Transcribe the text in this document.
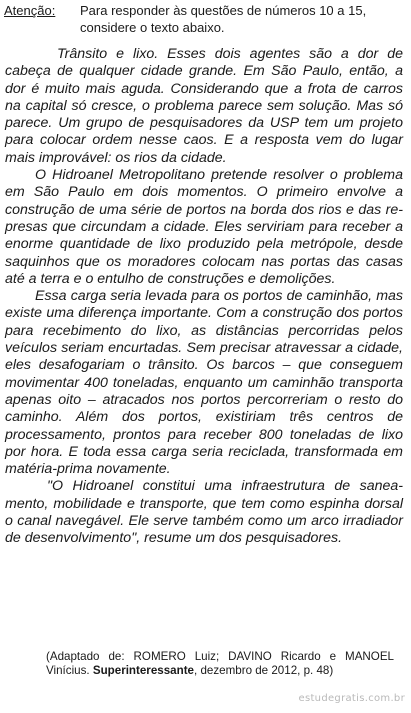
Atenção: Para responder às questões de números 10 a 15, considere o texto abaixo.

Trânsito e lixo. Esses dois agentes são a dor de cabeça de qualquer cidade grande. Em São Paulo, então, a dor é muito mais aguda. Considerando que a frota de carros na capital só cresce, o problema parece sem solução. Mas só parece. Um grupo de pesquisadores da USP tem um projeto para colocar ordem nesse caos. E a resposta vem do lugar mais improvável: os rios da cidade.

O Hidroanel Metropolitano pretende resolver o problema em São Paulo em dois momentos. O primeiro envolve a construção de uma série de portos na borda dos rios e das represas que circundam a cidade. Eles serviriam para receber a enorme quantidade de lixo produzido pela metrópole, desde saquinhos que os moradores colocam nas portas das casas até a terra e o entulho de construções e demolições.

Essa carga seria levada para os portos de caminhão, mas existe uma diferença importante. Com a construção dos portos para recebimento do lixo, as distâncias percorridas pelos veículos seriam encurtadas. Sem precisar atravessar a cidade, eles desafogariam o trânsito. Os barcos – que conseguem movimentar 400 toneladas, enquanto um caminhão transporta apenas oito – atracados nos portos percorreriam o resto do caminho. Além dos portos, existiriam três centros de processamento, prontos para receber 800 toneladas de lixo por hora. E toda essa carga seria reciclada, transformada em matéria-prima novamente.

"O Hidroanel constitui uma infraestrutura de saneamento, mobilidade e transporte, que tem como espinha dorsal o canal navegável. Ele serve também como um arco irradiador de desenvolvimento", resume um dos pesquisadores.

(Adaptado de: ROMERO Luiz; DAVINO Ricardo e MANOEL Vinícius. Superinteressante, dezembro de 2012, p. 48)
estudegratis.com.br
